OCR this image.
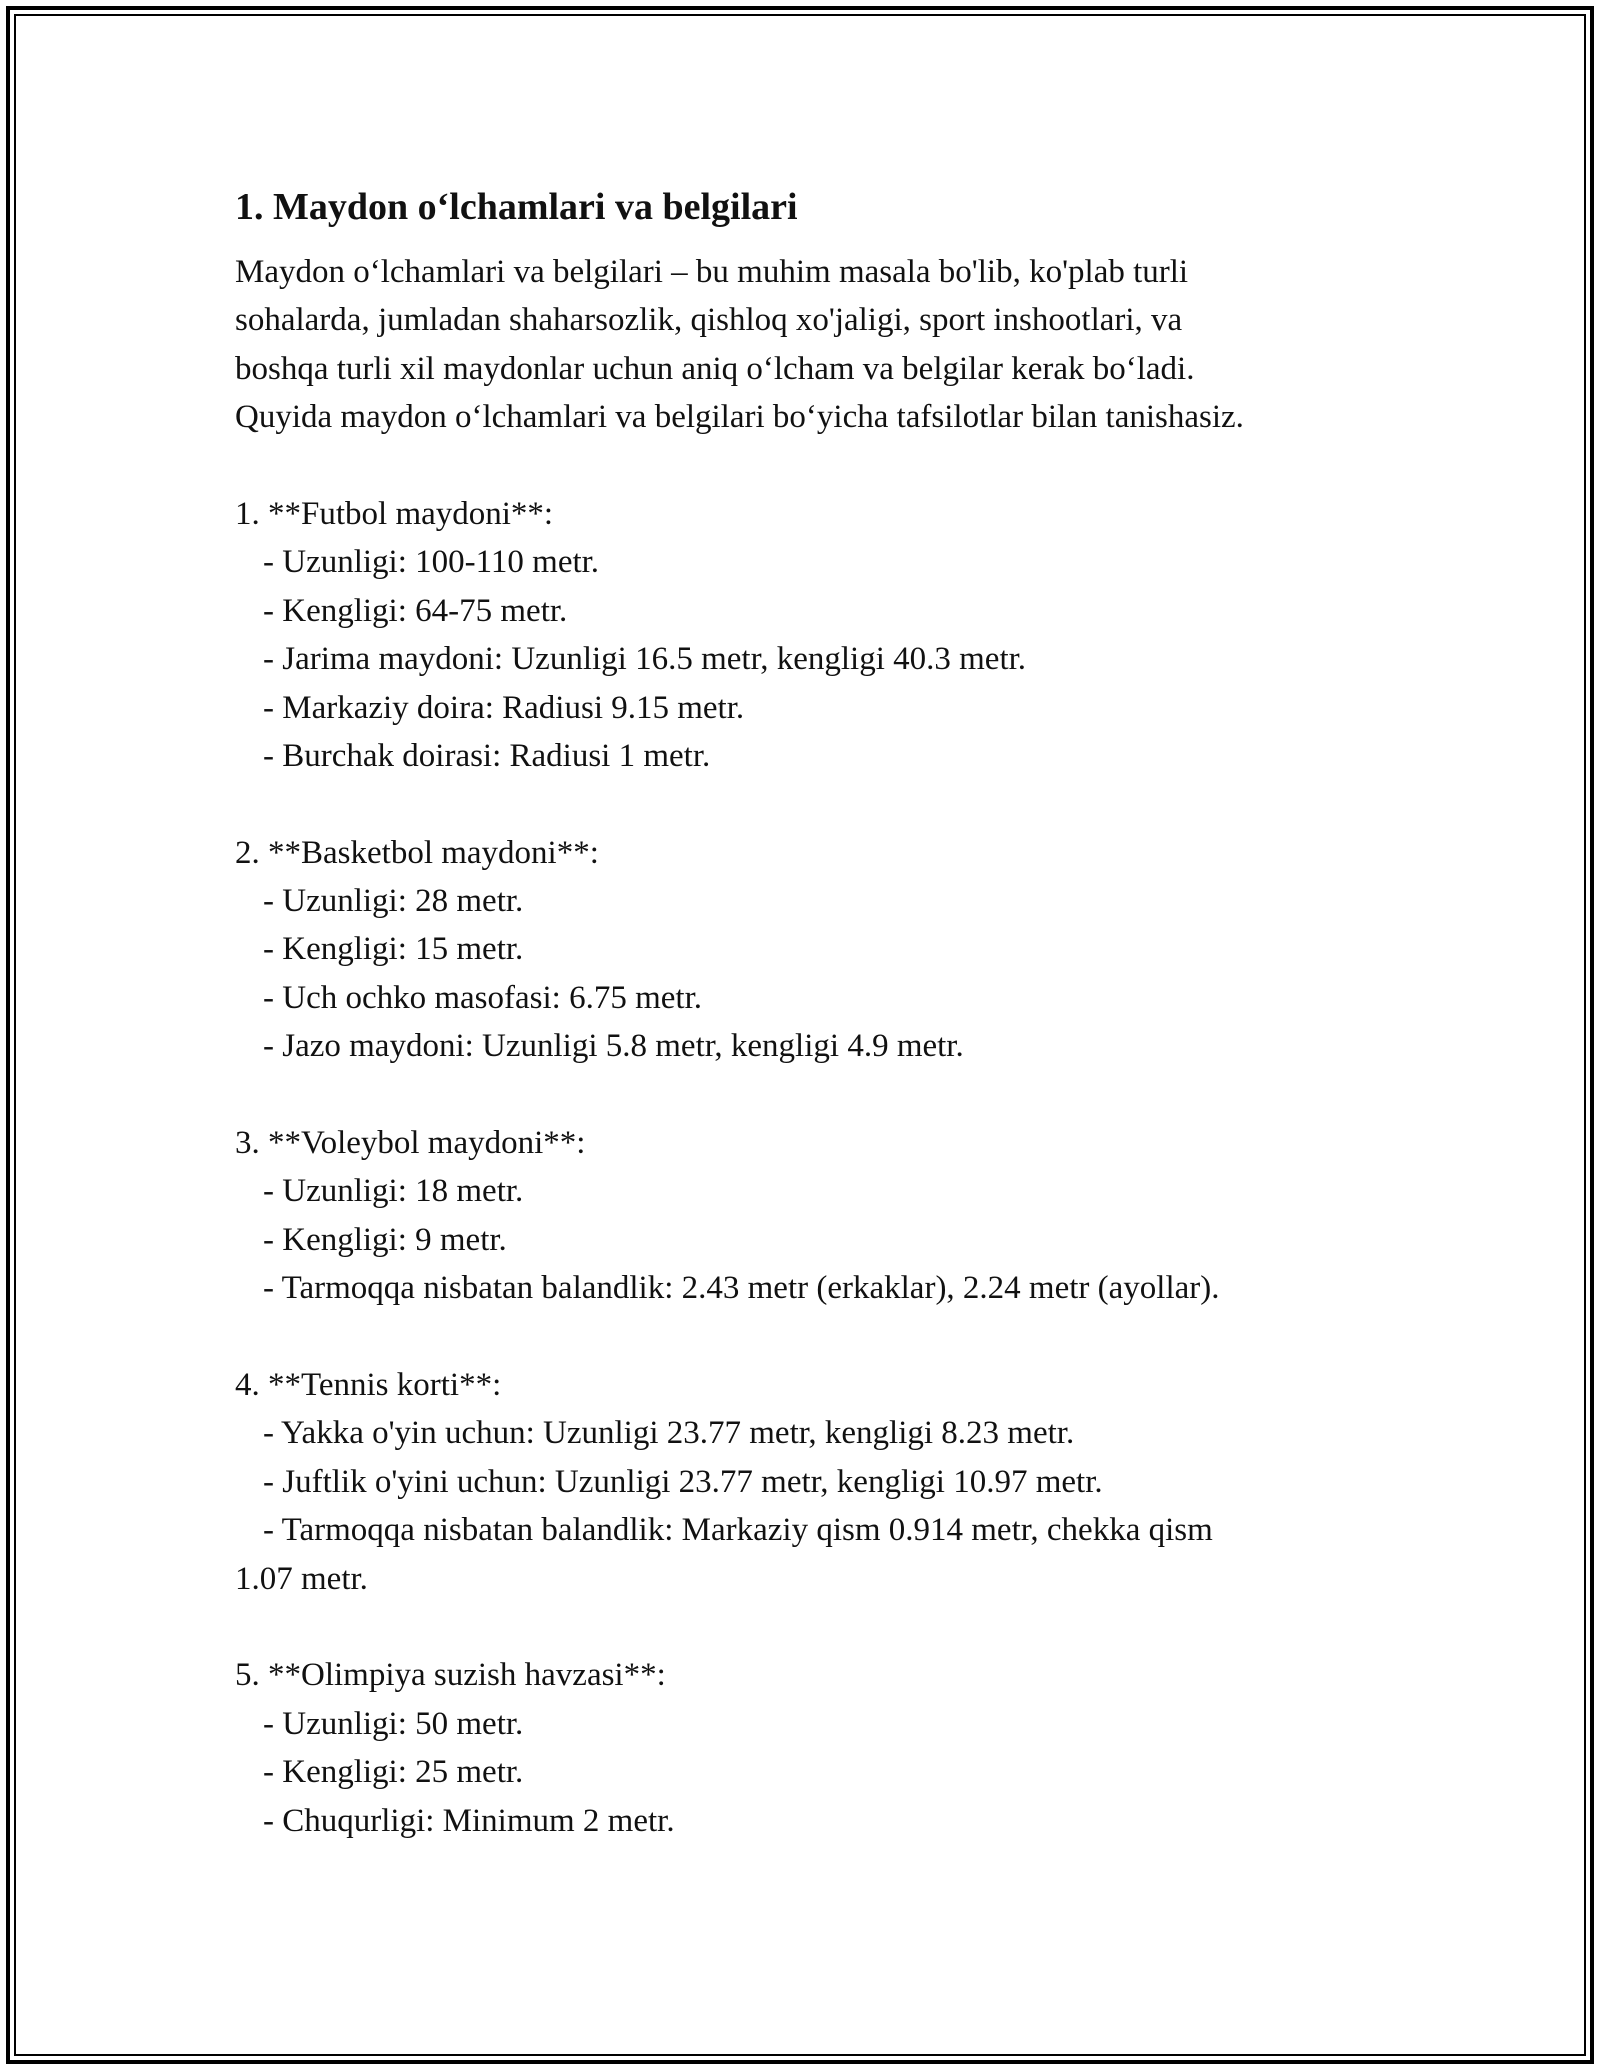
1. Maydon o‘lchamlari va belgilari
Maydon o‘lchamlari va belgilari – bu muhim masala bo'lib, ko'plab turli
sohalarda, jumladan shaharsozlik, qishloq xo'jaligi, sport inshootlari, va
boshqa turli xil maydonlar uchun aniq o‘lcham va belgilar kerak bo‘ladi.
Quyida maydon o‘lchamlari va belgilari bo‘yicha tafsilotlar bilan tanishasiz.
1. **Futbol maydoni**:
- Uzunligi: 100-110 metr.
- Kengligi: 64-75 metr.
- Jarima maydoni: Uzunligi 16.5 metr, kengligi 40.3 metr.
- Markaziy doira: Radiusi 9.15 metr.
- Burchak doirasi: Radiusi 1 metr.
2. **Basketbol maydoni**:
- Uzunligi: 28 metr.
- Kengligi: 15 metr.
- Uch ochko masofasi: 6.75 metr.
- Jazo maydoni: Uzunligi 5.8 metr, kengligi 4.9 metr.
3. **Voleybol maydoni**:
- Uzunligi: 18 metr.
- Kengligi: 9 metr.
- Tarmoqqa nisbatan balandlik: 2.43 metr (erkaklar), 2.24 metr (ayollar).
4. **Tennis korti**:
- Yakka o'yin uchun: Uzunligi 23.77 metr, kengligi 8.23 metr.
- Juftlik o'yini uchun: Uzunligi 23.77 metr, kengligi 10.97 metr.
- Tarmoqqa nisbatan balandlik: Markaziy qism 0.914 metr, chekka qism
1.07 metr.
5. **Olimpiya suzish havzasi**:
- Uzunligi: 50 metr.
- Kengligi: 25 metr.
- Chuqurligi: Minimum 2 metr.
